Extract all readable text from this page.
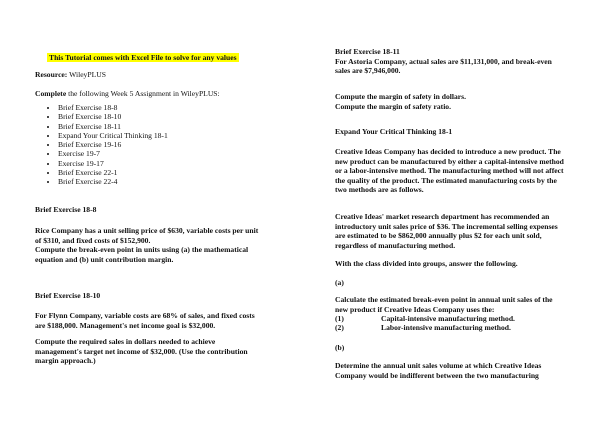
This Tutorial comes with Excel File to solve for any values
Resource: WileyPLUS
Complete the following Week 5 Assignment in WileyPLUS:
• Brief Exercise 18-8
• Brief Exercise 18-10
• Brief Exercise 18-11
• Expand Your Critical Thinking 18-1
• Brief Exercise 19-16
• Exercise 19-7
• Exercise 19-17
• Brief Exercise 22-1
• Brief Exercise 22-4
Brief Exercise 18-8
Rice Company has a unit selling price of $630, variable costs per unit of $310, and fixed costs of $152,900.
Compute the break-even point in units using (a) the mathematical equation and (b) unit contribution margin.
Brief Exercise 18-10
For Flynn Company, variable costs are 68% of sales, and fixed costs are $188,000. Management's net income goal is $32,000.
Compute the required sales in dollars needed to achieve management's target net income of $32,000. (Use the contribution margin approach.)
Brief Exercise 18-11
For Astoria Company, actual sales are $11,131,000, and break-even sales are $7,946,000.
Compute the margin of safety in dollars.
Compute the margin of safety ratio.
Expand Your Critical Thinking 18-1
Creative Ideas Company has decided to introduce a new product. The new product can be manufactured by either a capital-intensive method or a labor-intensive method. The manufacturing method will not affect the quality of the product. The estimated manufacturing costs by the two methods are as follows.
Creative Ideas' market research department has recommended an introductory unit sales price of $36. The incremental selling expenses are estimated to be $862,000 annually plus $2 for each unit sold, regardless of manufacturing method.
With the class divided into groups, answer the following.
(a)
Calculate the estimated break-even point in annual unit sales of the new product if Creative Ideas Company uses the:
(1)	Capital-intensive manufacturing method.
(2)	Labor-intensive manufacturing method.
(b)
Determine the annual unit sales volume at which Creative Ideas Company would be indifferent between the two manufacturing
